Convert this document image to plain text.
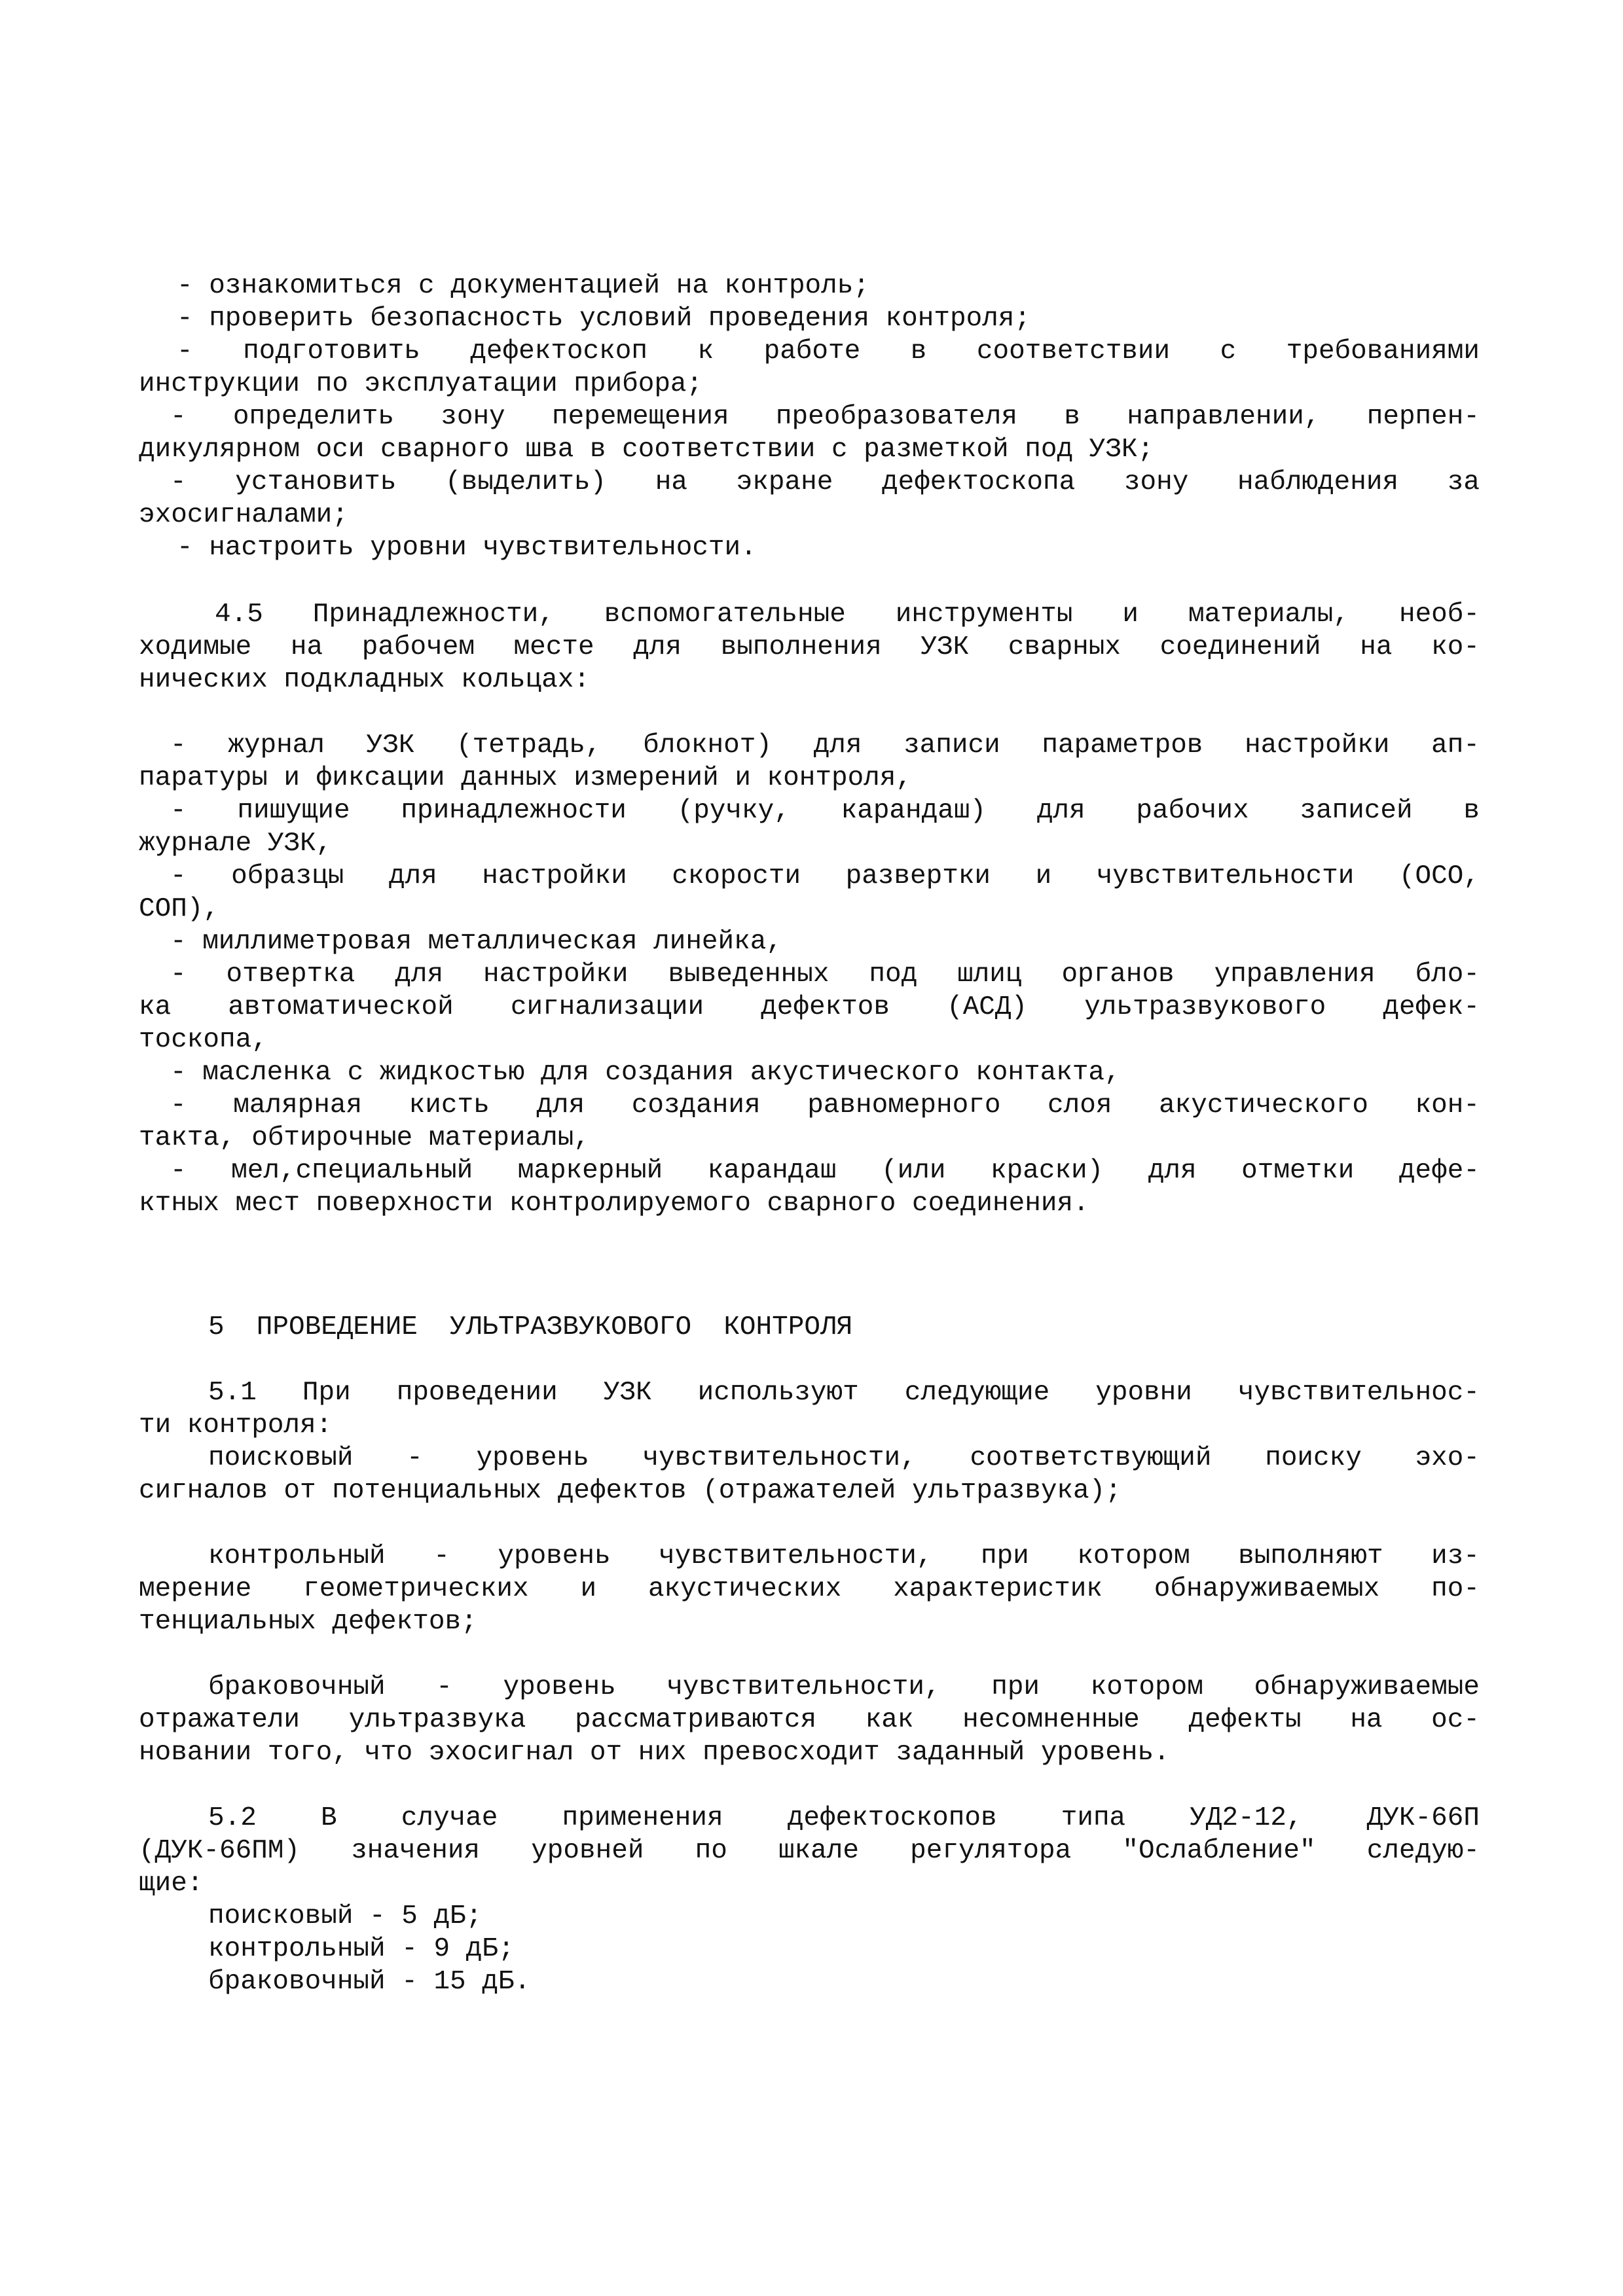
- ознакомиться с документацией на контроль;
- проверить безопасность условий проведения контроля;
- подготовить дефектоскоп к работе в соответствии с требованиями
инструкции по эксплуатации прибора;
- определить зону перемещения преобразователя в направлении, перпен-
дикулярном оси сварного шва в соответствии с разметкой под УЗК;
- установить (выделить) на экране дефектоскопа зону наблюдения за
эхосигналами;
- настроить уровни чувствительности.
4.5 Принадлежности, вспомогательные инструменты и материалы, необ-
ходимые на рабочем месте для выполнения УЗК сварных соединений на ко-
нических подкладных кольцах:
- журнал УЗК (тетрадь, блокнот) для записи параметров настройки ап-
паратуры и фиксации данных измерений и контроля,
- пишущие принадлежности (ручку, карандаш) для рабочих записей в
журнале УЗК,
- образцы для настройки скорости развертки и чувствительности (ОСО,
СОП),
- миллиметровая металлическая линейка,
- отвертка для настройки выведенных под шлиц органов управления бло-
ка автоматической сигнализации дефектов (АСД) ультразвукового дефек-
тоскопа,
- масленка с жидкостью для создания акустического контакта,
- малярная кисть для создания равномерного слоя акустического кон-
такта, обтирочные материалы,
- мел,специальный маркерный карандаш (или краски) для отметки дефе-
ктных мест поверхности контролируемого сварного соединения.
5  ПРОВЕДЕНИЕ  УЛЬТРАЗВУКОВОГО  КОНТРОЛЯ
5.1 При проведении УЗК используют следующие уровни чувствительнос-
ти контроля:
поисковый - уровень чувствительности, соответствующий поиску эхо-
сигналов от потенциальных дефектов (отражателей ультразвука);
контрольный - уровень чувствительности, при котором выполняют из-
мерение геометрических и акустических характеристик обнаруживаемых по-
тенциальных дефектов;
браковочный - уровень чувствительности, при котором обнаруживаемые
отражатели ультразвука рассматриваются как несомненные дефекты на ос-
новании того, что эхосигнал от них превосходит заданный уровень.
5.2 В случае применения дефектоскопов типа УД2-12, ДУК-66П
(ДУК-66ПМ) значения уровней по шкале регулятора "Ослабление" следую-
щие:
поисковый - 5 дБ;
контрольный - 9 дБ;
браковочный - 15 дБ.
